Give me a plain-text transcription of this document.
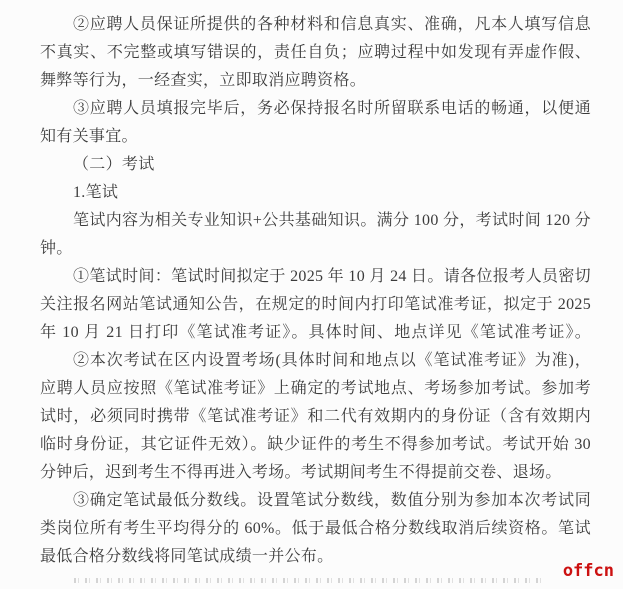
②应聘人员保证所提供的各种材料和信息真实、准确，凡本人填写信息
不真实、不完整或填写错误的，责任自负；应聘过程中如发现有弄虚作假、
舞弊等行为，一经查实，立即取消应聘资格。
③应聘人员填报完毕后，务必保持报名时所留联系电话的畅通，以便通
知有关事宜。
（二）考试
1.笔试
笔试内容为相关专业知识+公共基础知识。满分 100 分，考试时间 120 分
钟。
①笔试时间：笔试时间拟定于 2025 年 10 月 24 日。请各位报考人员密切
关注报名网站笔试通知公告，在规定的时间内打印笔试准考证，拟定于 2025
年 10 月 21 日打印《笔试准考证》。具体时间、地点详见《笔试准考证》。
②本次考试在区内设置考场(具体时间和地点以《笔试准考证》为准)，
应聘人员应按照《笔试准考证》上确定的考试地点、考场参加考试。参加考
试时，必须同时携带《笔试准考证》和二代有效期内的身份证（含有效期内
临时身份证，其它证件无效）。缺少证件的考生不得参加考试。考试开始 30
分钟后，迟到考生不得再进入考场。考试期间考生不得提前交卷、退场。
③确定笔试最低分数线。设置笔试分数线，数值分别为参加本次考试同
类岗位所有考生平均得分的 60%。低于最低合格分数线取消后续资格。笔试
最低合格分数线将同笔试成绩一并公布。
offcn
